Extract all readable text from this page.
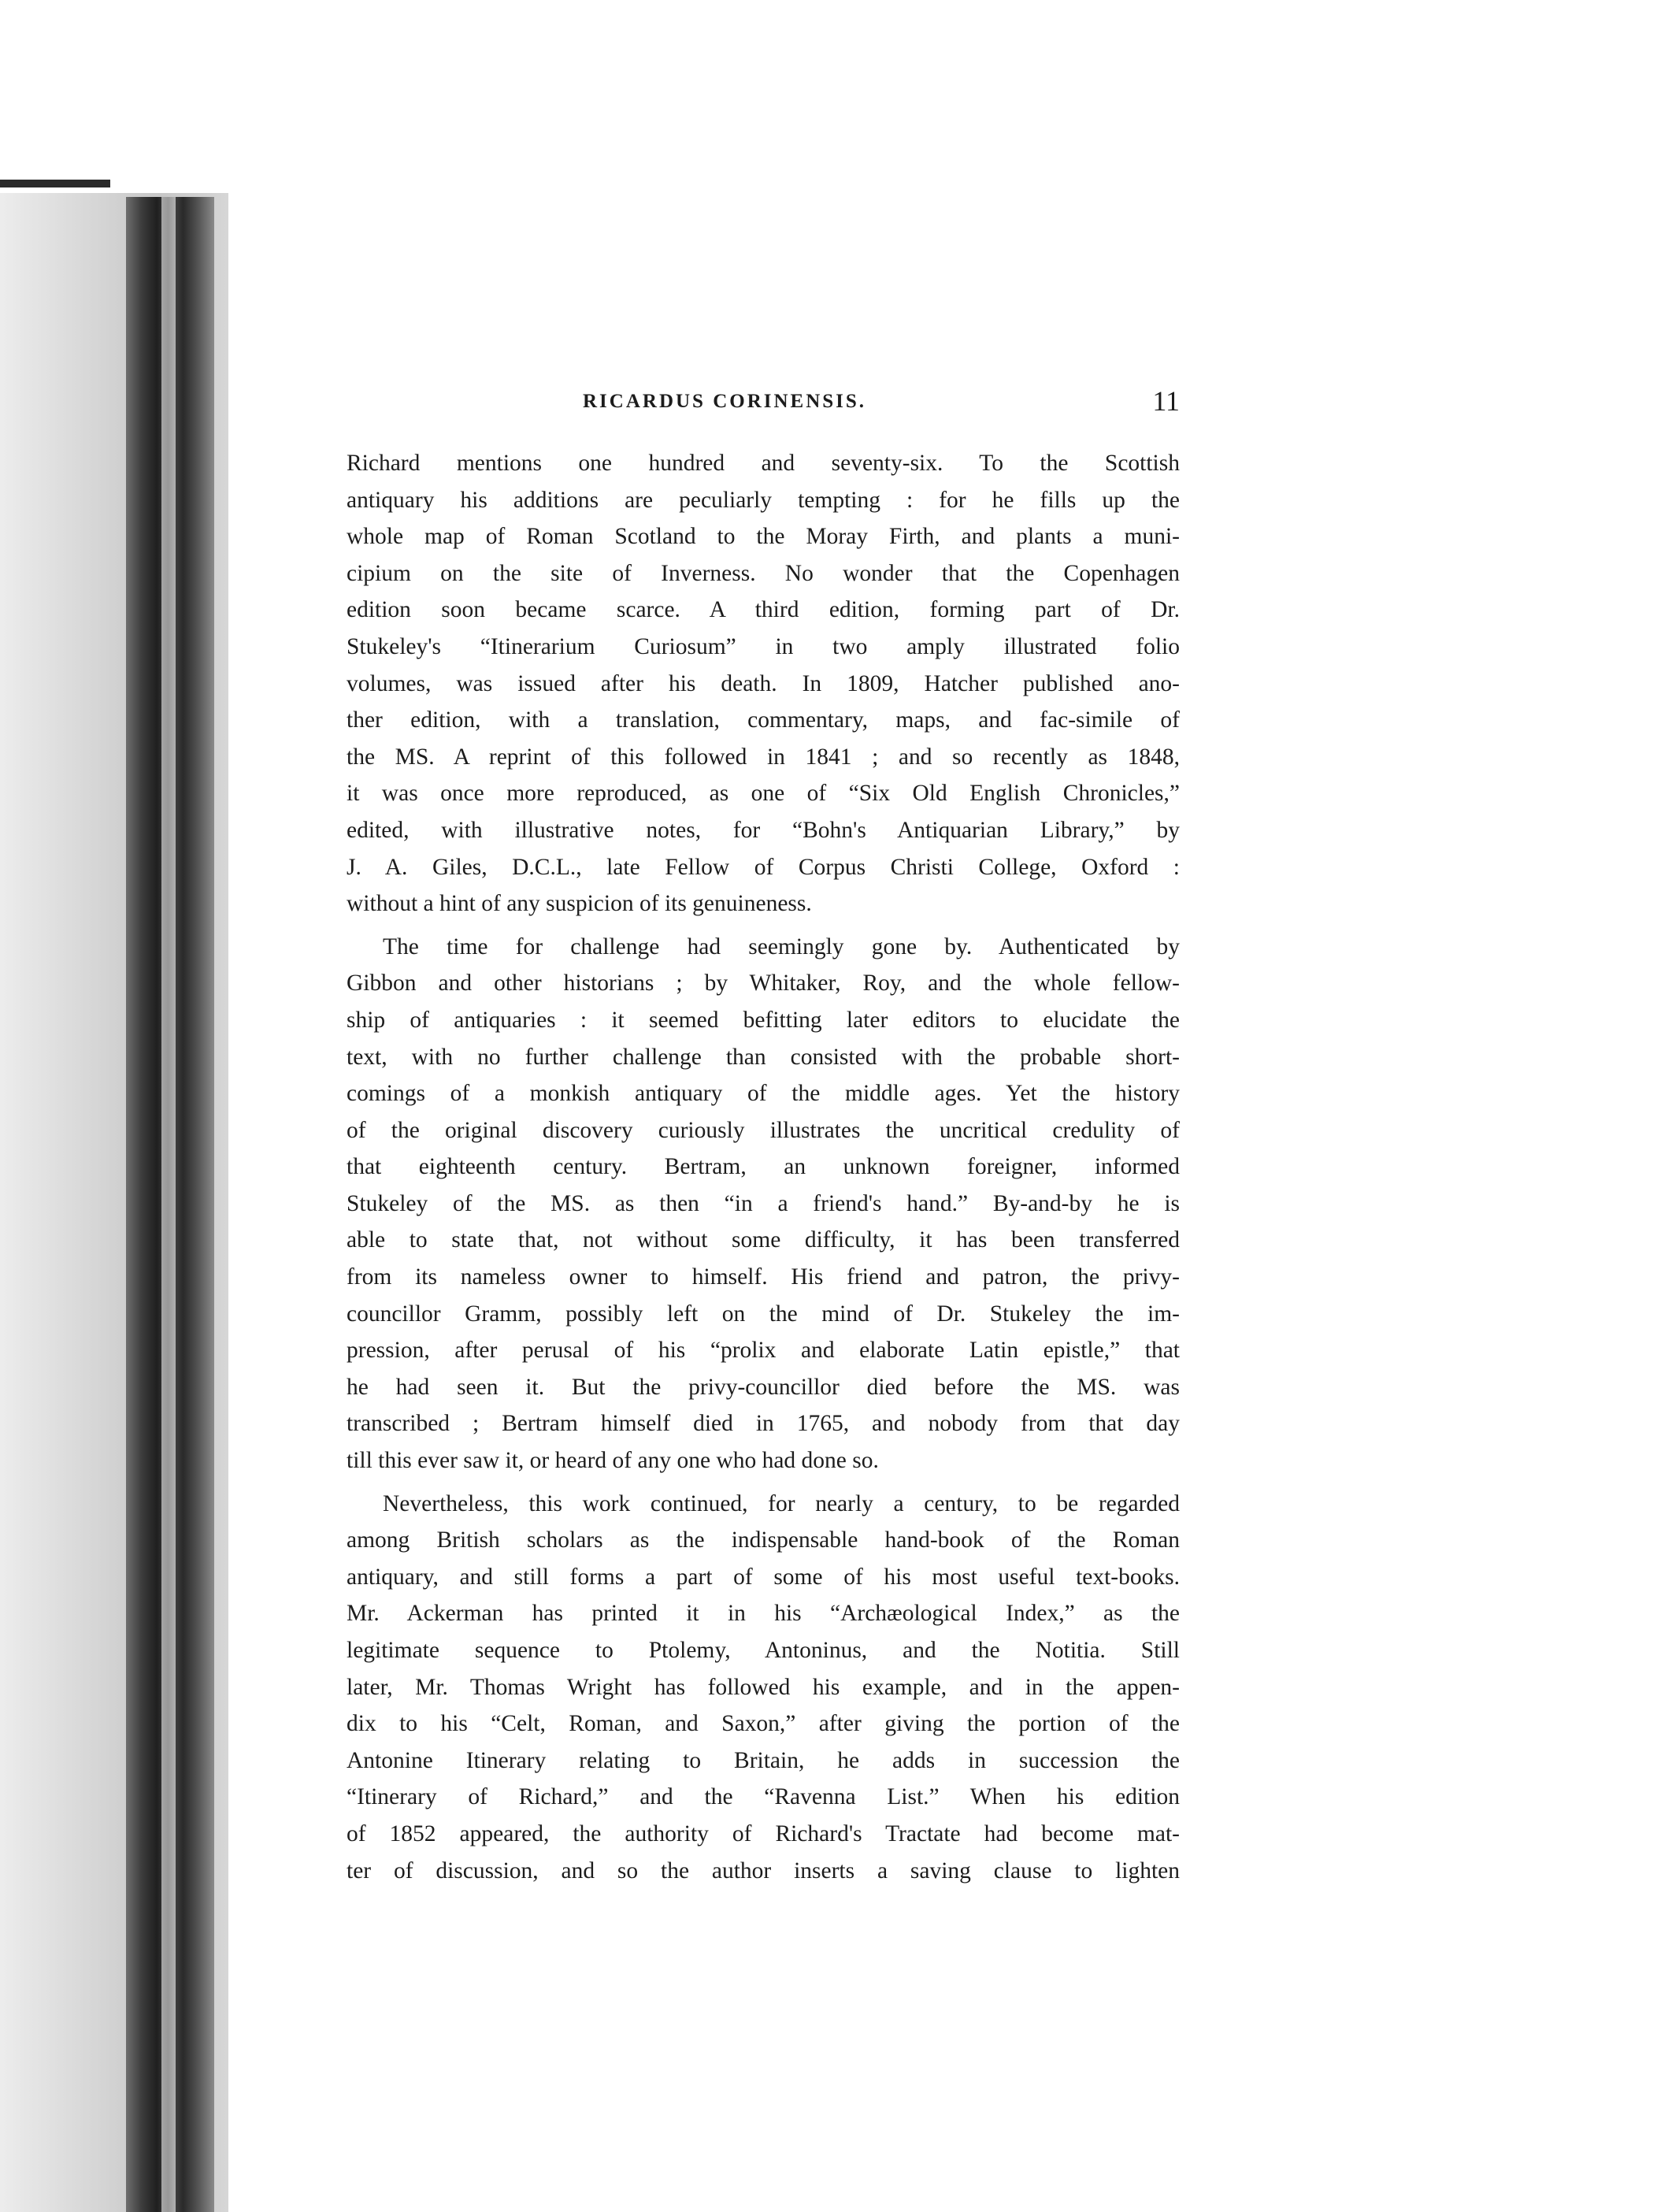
RICARDUS CORINENSIS.	11
Richard mentions one hundred and seventy-six. To the Scottish
antiquary his additions are peculiarly tempting : for he fills up the
whole map of Roman Scotland to the Moray Firth, and plants a muni-
cipium on the site of Inverness. No wonder that the Copenhagen
edition soon became scarce. A third edition, forming part of Dr.
Stukeley's “Itinerarium Curiosum” in two amply illustrated folio
volumes, was issued after his death. In 1809, Hatcher published ano-
ther edition, with a translation, commentary, maps, and fac-simile of
the MS. A reprint of this followed in 1841 ; and so recently as 1848,
it was once more reproduced, as one of “Six Old English Chronicles,”
edited, with illustrative notes, for “Bohn's Antiquarian Library,” by
J. A. Giles, D.C.L., late Fellow of Corpus Christi College, Oxford :
without a hint of any suspicion of its genuineness.
The time for challenge had seemingly gone by. Authenticated by
Gibbon and other historians ; by Whitaker, Roy, and the whole fellow-
ship of antiquaries : it seemed befitting later editors to elucidate the
text, with no further challenge than consisted with the probable short-
comings of a monkish antiquary of the middle ages. Yet the history
of the original discovery curiously illustrates the uncritical credulity of
that eighteenth century. Bertram, an unknown foreigner, informed
Stukeley of the MS. as then “in a friend's hand.” By-and-by he is
able to state that, not without some difficulty, it has been transferred
from its nameless owner to himself. His friend and patron, the privy-
councillor Gramm, possibly left on the mind of Dr. Stukeley the im-
pression, after perusal of his “prolix and elaborate Latin epistle,” that
he had seen it. But the privy-councillor died before the MS. was
transcribed ; Bertram himself died in 1765, and nobody from that day
till this ever saw it, or heard of any one who had done so.
Nevertheless, this work continued, for nearly a century, to be regarded
among British scholars as the indispensable hand-book of the Roman
antiquary, and still forms a part of some of his most useful text-books.
Mr. Ackerman has printed it in his “Archæological Index,” as the
legitimate sequence to Ptolemy, Antoninus, and the Notitia. Still
later, Mr. Thomas Wright has followed his example, and in the appen-
dix to his “Celt, Roman, and Saxon,” after giving the portion of the
Antonine Itinerary relating to Britain, he adds in succession the
“Itinerary of Richard,” and the “Ravenna List.” When his edition
of 1852 appeared, the authority of Richard's Tractate had become mat-
ter of discussion, and so the author inserts a saving clause to lighten
